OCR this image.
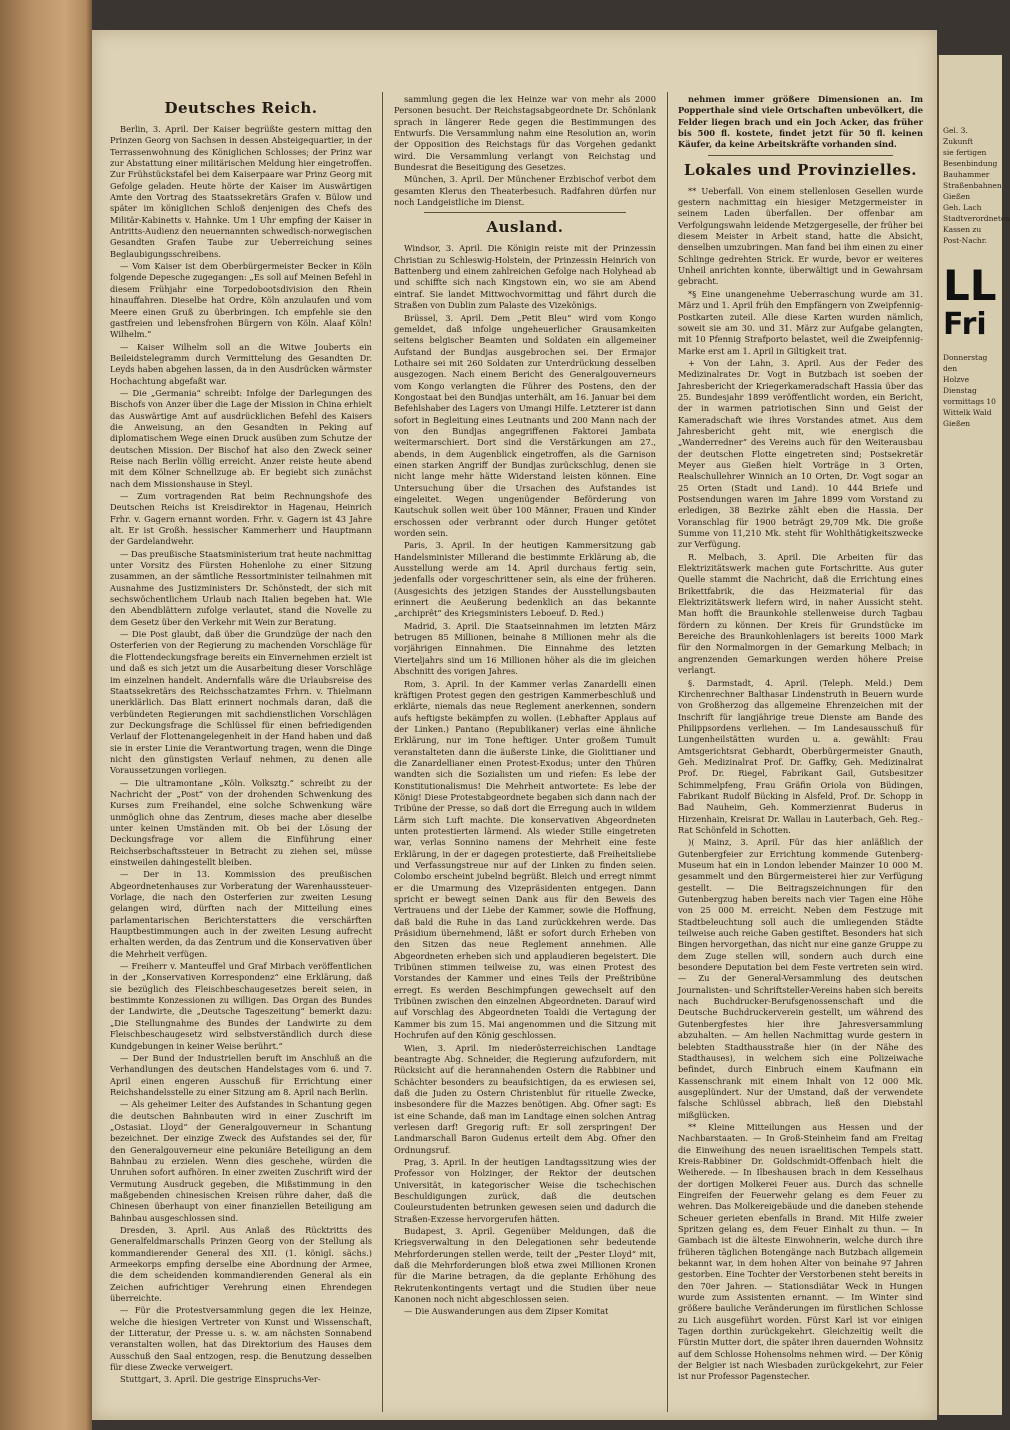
Deutsches Reich.

Berlin, 3. April. Der Kaiser begrüßte gestern mittag den Prinzen Georg von Sachsen in dessen Absteigequartier, in der Terrassenwohnung des Königlichen Schlosses; der Prinz war zur Abstattung einer militärischen Meldung hier eingetroffen. Zur Frühstückstafel bei dem Kaiserpaare war Prinz Georg mit Gefolge geladen. Heute hörte der Kaiser im Auswärtigen Amte den Vortrag des Staatssekretärs Grafen v. Bülow und später im königlichen Schloß denjenigen des Chefs des Militär-Kabinetts v. Hahnke. Um 1 Uhr empfing der Kaiser in Antritts-Audienz den neuernannten schwedisch-norwegischen Gesandten Grafen Taube zur Ueberreichung seines Beglaubigungsschreibens.

— Vom Kaiser ist dem Oberbürgermeister Becker in Köln folgende Depesche zugegangen: „Es soll auf Meinen Befehl in diesem Frühjahr eine Torpedobootsdivision den Rhein hinauffahren. Dieselbe hat Ordre, Köln anzulaufen und vom Meere einen Gruß zu überbringen. Ich empfehle sie den gastfreien und lebensfrohen Bürgern von Köln. Alaaf Köln! Wilhelm.“

— Kaiser Wilhelm soll an die Witwe Jouberts ein Beileidstelegramm durch Vermittelung des Gesandten Dr. Leyds haben abgehen lassen, da in den Ausdrücken wärmster Hochachtung abgefaßt war.

— Die „Germania“ schreibt: Infolge der Darlegungen des Bischofs von Anzer über die Lage der Mission in China erhielt das Auswärtige Amt auf ausdrücklichen Befehl des Kaisers die Anweisung, an den Gesandten in Peking auf diplomatischem Wege einen Druck ausüben zum Schutze der deutschen Mission. Der Bischof hat also den Zweck seiner Reise nach Berlin völlig erreicht. Anzer reiste heute abend mit dem Kölner Schnellzuge ab. Er begiebt sich zunächst nach dem Missionshause in Steyl.

— Zum vortragenden Rat beim Rechnungshofe des Deutschen Reichs ist Kreisdirektor in Hagenau, Heinrich Frhr. v. Gagern ernannt worden. Frhr. v. Gagern ist 43 Jahre alt. Er ist Großh. hessischer Kammerherr und Hauptmann der Gardelandwehr.

— Das preußische Staatsministerium trat heute nachmittag unter Vorsitz des Fürsten Hohenlohe zu einer Sitzung zusammen, an der sämtliche Ressortminister teilnahmen mit Ausnahme des Justizministers Dr. Schönstedt, der sich mit sechswöchentlichem Urlaub nach Italien begeben hat. Wie den Abendblättern zufolge verlautet, stand die Novelle zu dem Gesetz über den Verkehr mit Wein zur Beratung.

— Die Post glaubt, daß über die Grundzüge der nach den Osterferien von der Regierung zu machenden Vorschläge für die Flottendeckungsfrage bereits ein Einvernehmen erzielt ist und daß es sich jetzt um die Ausarbeitung dieser Vorschläge im einzelnen handelt. Andernfalls wäre die Urlaubsreise des Staatssekretärs des Reichsschatzamtes Frhrn. v. Thielmann unerklärlich. Das Blatt erinnert nochmals daran, daß die verbündeten Regierungen mit sachdienstlichen Vorschlägen zur Deckungsfrage die Schlüssel für einen befriedigenden Verlauf der Flottenangelegenheit in der Hand haben und daß sie in erster Linie die Verantwortung tragen, wenn die Dinge nicht den günstigsten Verlauf nehmen, zu denen alle Voraussetzungen vorliegen.

— Die ultramontane „Köln. Volksztg.“ schreibt zu der Nachricht der „Post“ von der drohenden Schwenkung des Kurses zum Freihandel, eine solche Schwenkung wäre unmöglich ohne das Zentrum, dieses mache aber dieselbe unter keinen Umständen mit. Ob bei der Lösung der Deckungsfrage vor allem die Einführung einer Reichserbschaftssteuer in Betracht zu ziehen sei, müsse einstweilen dahingestellt bleiben.

— Der in 13. Kommission des preußischen Abgeordnetenhauses zur Vorberatung der Warenhaussteuer-Vorlage, die nach den Osterferien zur zweiten Lesung gelangen wird, dürften nach der Mitteilung eines parlamentarischen Berichterstatters die verschärften Hauptbestimmungen auch in der zweiten Lesung aufrecht erhalten werden, da das Zentrum und die Konservativen über die Mehrheit verfügen.

— Freiherr v. Manteuffel und Graf Mirbach veröffentlichen in der „Konservativen Korrespondenz“ eine Erklärung, daß sie bezüglich des Fleischbeschaugesetzes bereit seien, in bestimmte Konzessionen zu willigen. Das Organ des Bundes der Landwirte, die „Deutsche Tageszeitung“ bemerkt dazu: „Die Stellungnahme des Bundes der Landwirte zu dem Fleischbeschaugesetz wird selbstverständlich durch diese Kundgebungen in keiner Weise berührt.“

— Der Bund der Industriellen beruft im Anschluß an die Verhandlungen des deutschen Handelstages vom 6. und 7. April einen engeren Ausschuß für Errichtung einer Reichshandelsstelle zu einer Sitzung am 8. April nach Berlin.

— Als geheimer Leiter des Aufstandes in Schantung gegen die deutschen Bahnbauten wird in einer Zuschrift im „Ostasiat. Lloyd“ der Generalgouverneur in Schantung bezeichnet. Der einzige Zweck des Aufstandes sei der, für den Generalgouverneur eine pekuniäre Beteiligung an dem Bahnbau zu erzielen. Wenn dies geschehe, würden die Unruhen sofort aufhören. In einer zweiten Zuschrift wird der Vermutung Ausdruck gegeben, die Mißstimmung in den maßgebenden chinesischen Kreisen rühre daher, daß die Chinesen überhaupt von einer finanziellen Beteiligung am Bahnbau ausgeschlossen sind.

Dresden, 3. April. Aus Anlaß des Rücktritts des Generalfeldmarschalls Prinzen Georg von der Stellung als kommandierender General des XII. (1. königl. sächs.) Armeekorps empfing derselbe eine Abordnung der Armee, die dem scheidenden kommandierenden General als ein Zeichen aufrichtiger Verehrung einen Ehrendegen überreichte.

— Für die Protestversammlung gegen die lex Heinze, welche die hiesigen Vertreter von Kunst und Wissenschaft, der Litteratur, der Presse u. s. w. am nächsten Sonnabend veranstalten wollen, hat das Direktorium des Hauses dem Ausschuß den Saal entzogen, resp. die Benutzung desselben für diese Zwecke verweigert.

Stuttgart, 3. April. Die gestrige Einspruchs-Ver-

sammlung gegen die lex Heinze war von mehr als 2000 Personen besucht. Der Reichstagsabgeordnete Dr. Schönlank sprach in längerer Rede gegen die Bestimmungen des Entwurfs. Die Versammlung nahm eine Resolution an, worin der Opposition des Reichstags für das Vorgehen gedankt wird. Die Versammlung verlangt von Reichstag und Bundesrat die Beseitigung des Gesetzes.

München, 3. April. Der Münchener Erzbischof verbot dem gesamten Klerus den Theaterbesuch. Radfahren dürfen nur noch Landgeistliche im Dienst.

Ausland.

Windsor, 3. April. Die Königin reiste mit der Prinzessin Christian zu Schleswig-Holstein, der Prinzessin Heinrich von Battenberg und einem zahlreichen Gefolge nach Holyhead ab und schiffte sich nach Kingstown ein, wo sie am Abend eintraf. Sie landet Mittwochvormittag und fährt durch die Straßen von Dublin zum Palaste des Vizekönigs.

Brüssel, 3. April. Dem „Petit Bleu“ wird vom Kongo gemeldet, daß infolge ungeheuerlicher Grausamkeiten seitens belgischer Beamten und Soldaten ein allgemeiner Aufstand der Bundjas ausgebrochen sei. Der Ermajor Lothaire sei mit 260 Soldaten zur Unterdrückung desselben ausgezogen. Nach einem Bericht des Generalgouverneurs vom Kongo verlangten die Führer des Postens, den der Kongostaat bei den Bundjas unterhält, am 16. Januar bei dem Befehlshaber des Lagers von Umangi Hilfe. Letzterer ist dann sofort in Begleitung eines Leutnants und 200 Mann nach der von den Bundjas angegriffenen Faktorei Jambata weitermarschiert. Dort sind die Verstärkungen am 27., abends, in dem Augenblick eingetroffen, als die Garnison einen starken Angriff der Bundjas zurückschlug, denen sie nicht lange mehr hätte Widerstand leisten können. Eine Untersuchung über die Ursachen des Aufstandes ist eingeleitet. Wegen ungenügender Beförderung von Kautschuk sollen weit über 100 Männer, Frauen und Kinder erschossen oder verbrannt oder durch Hunger getötet worden sein.

Paris, 3. April. In der heutigen Kammersitzung gab Handelsminister Millerand die bestimmte Erklärung ab, die Ausstellung werde am 14. April durchaus fertig sein, jedenfalls oder vorgeschrittener sein, als eine der früheren. (Ausgesichts des jetzigen Standes der Ausstellungsbauten erinnert die Aeußerung bedenklich an das bekannte „archiprêt“ des Kriegsministers Leboeuf. D. Red.)

Madrid, 3. April. Die Staatseinnahmen im letzten März betrugen 85 Millionen, beinahe 8 Millionen mehr als die vorjährigen Einnahmen. Die Einnahme des letzten Vierteljahrs sind um 16 Millionen höher als die im gleichen Abschnitt des vorigen Jahres.

Rom, 3. April. In der Kammer verlas Zanardelli einen kräftigen Protest gegen den gestrigen Kammerbeschluß und erklärte, niemals das neue Reglement anerkennen, sondern aufs heftigste bekämpfen zu wollen. (Lebhafter Applaus auf der Linken.) Pantano (Republikaner) verlas eine ähnliche Erklärung, nur im Tone heftiger. Unter großem Tumult veranstalteten dann die äußerste Linke, die Giolittianer und die Zanardellianer einen Protest-Exodus; unter den Thüren wandten sich die Sozialisten um und riefen: Es lebe der Konstitutionalismus! Die Mehrheit antwortete: Es lebe der König! Diese Protestabgeordnete begaben sich dann nach der Tribüne der Presse, so daß dort die Erregung auch in wildem Lärm sich Luft machte. Die konservativen Abgeordneten unten protestierten lärmend. Als wieder Stille eingetreten war, verlas Sonnino namens der Mehrheit eine feste Erklärung, in der er dagegen protestierte, daß Freiheitsliebe und Verfassungstreue nur auf der Linken zu finden seien. Colombo erscheint jubelnd begrüßt. Bleich und erregt nimmt er die Umarmung des Vizepräsidenten entgegen. Dann spricht er bewegt seinen Dank aus für den Beweis des Vertrauens und der Liebe der Kammer, sowie die Hoffnung, daß bald die Ruhe in das Land zurückkehren werde. Das Präsidium übernehmend, läßt er sofort durch Erheben von den Sitzen das neue Reglement annehmen. Alle Abgeordneten erheben sich und applaudieren begeistert. Die Tribünen stimmen teilweise zu, was einen Protest des Vorstandes der Kammer und eines Teils der Preßtribüne erregt. Es werden Beschimpfungen gewechselt auf den Tribünen zwischen den einzelnen Abgeordneten. Darauf wird auf Vorschlag des Abgeordneten Toaldi die Vertagung der Kammer bis zum 15. Mai angenommen und die Sitzung mit Hochrufen auf den König geschlossen.

Wien, 3. April. Im niederösterreichischen Landtage beantragte Abg. Schneider, die Regierung aufzufordern, mit Rücksicht auf die herannahenden Ostern die Rabbiner und Schächter besonders zu beaufsichtigen, da es erwiesen sei, daß die Juden zu Ostern Christenblut für rituelle Zwecke, insbesondere für die Mazzes benötigen. Abg. Ofner sagt: Es ist eine Schande, daß man im Landtage einen solchen Antrag verlesen darf! Gregorig ruft: Er soll zerspringen! Der Landmarschall Baron Gudenus erteilt dem Abg. Ofner den Ordnungsruf.

Prag, 3. April. In der heutigen Landtagssitzung wies der Professor von Holzinger, der Rektor der deutschen Universität, in kategorischer Weise die tschechischen Beschuldigungen zurück, daß die deutschen Couleurstudenten betrunken gewesen seien und dadurch die Straßen-Exzesse hervorgerufen hätten.

Budapest, 3. April. Gegenüber Meldungen, daß die Kriegsverwaltung in den Delegationen sehr bedeutende Mehrforderungen stellen werde, teilt der „Pester Lloyd“ mit, daß die Mehrforderungen bloß etwa zwei Millionen Kronen für die Marine betragen, da die geplante Erhöhung des Rekrutenkontingents vertagt und die Studien über neue Kanonen noch nicht abgeschlossen seien.

— Die Auswanderungen aus dem Zipser Komitat

nehmen immer größere Dimensionen an. Im Popperthale sind viele Ortschaften unbevölkert, die Felder liegen brach und ein Joch Acker, das früher bis 500 fl. kostete, findet jetzt für 50 fl. keinen Käufer, da keine Arbeitskräfte vorhanden sind.

Lokales und Provinzielles.

** Ueberfall. Von einem stellenlosen Gesellen wurde gestern nachmittag ein hiesiger Metzgermeister in seinem Laden überfallen. Der offenbar am Verfolgungswahn leidende Metzgergeselle, der früher bei diesem Meister in Arbeit stand, hatte die Absicht, denselben umzubringen. Man fand bei ihm einen zu einer Schlinge gedrehten Strick. Er wurde, bevor er weiteres Unheil anrichten konnte, überwältigt und in Gewahrsam gebracht.

*§ Eine unangenehme Ueberraschung wurde am 31. März und 1. April früh den Empfängern von Zweipfennig-Postkarten zuteil. Alle diese Karten wurden nämlich, soweit sie am 30. und 31. März zur Aufgabe gelangten, mit 10 Pfennig Strafporto belastet, weil die Zweipfennig-Marke erst am 1. April in Giltigkeit trat.

+ Von der Lahn, 3. April. Aus der Feder des Medizinalrates Dr. Vogt in Butzbach ist soeben der Jahresbericht der Kriegerkameradschaft Hassia über das 25. Bundesjahr 1899 veröffentlicht worden, ein Bericht, der in warmen patriotischen Sinn und Geist der Kameradschaft wie ihres Vorstandes atmet. Aus dem Jahresbericht geht mit, wie energisch die „Wanderredner“ des Vereins auch für den Weiterausbau der deutschen Flotte eingetreten sind; Postsekretär Meyer aus Gießen hielt Vorträge in 3 Orten, Realschullehrer Winnich an 10 Orten, Dr. Vogt sogar an 25 Orten (Stadt und Land). 10 444 Briefe und Postsendungen waren im Jahre 1899 vom Vorstand zu erledigen, 38 Bezirke zählt eben die Hassia. Der Voranschlag für 1900 beträgt 29,709 Mk. Die große Summe von 11,210 Mk. steht für Wohlthätigkeitszwecke zur Verfügung.

R. Melbach, 3. April. Die Arbeiten für das Elektrizitätswerk machen gute Fortschritte. Aus guter Quelle stammt die Nachricht, daß die Errichtung eines Brikettfabrik, die das Heizmaterial für das Elektrizitätswerk liefern wird, in naher Aussicht steht. Man hofft die Braunkohle stellenweise durch Tagbau fördern zu können. Der Kreis für Grundstücke im Bereiche des Braunkohlenlagers ist bereits 1000 Mark für den Normalmorgen in der Gemarkung Melbach; in angrenzenden Gemarkungen werden höhere Preise verlangt.

§. Darmstadt, 4. April. (Teleph. Meld.) Dem Kirchenrechner Balthasar Lindenstruth in Beuern wurde von Großherzog das allgemeine Ehrenzeichen mit der Inschrift für langjährige treue Dienste am Bande des Philippsordens verliehen. — Im Landesausschuß für Lungenheilstätten wurden u. a. gewählt: Frau Amtsgerichtsrat Gebhardt, Oberbürgermeister Gnauth, Geh. Medizinalrat Prof. Dr. Gaffky, Geh. Medizinalrat Prof. Dr. Riegel, Fabrikant Gail, Gutsbesitzer Schimmelpfeng, Frau Gräfin Oriola von Büdingen, Fabrikant Rudolf Bücking in Alsfeld, Prof. Dr. Schopp in Bad Nauheim, Geh. Kommerzienrat Buderus in Hirzenhain, Kreisrat Dr. Wallau in Lauterbach, Geh. Reg.-Rat Schönfeld in Schotten.

)( Mainz, 3. April. Für das hier anläßlich der Gutenbergfeier zur Errichtung kommende Gutenberg-Museum hat ein in London lebender Mainzer 10 000 M. gesammelt und den Bürgermeisterei hier zur Verfügung gestellt. — Die Beitragszeichnungen für den Gutenbergzug haben bereits nach vier Tagen eine Höhe von 25 000 M. erreicht. Neben dem Festzuge mit Stadtbeleuchtung soll auch die umliegenden Städte teilweise auch reiche Gaben gestiftet. Besonders hat sich Bingen hervorgethan, das nicht nur eine ganze Gruppe zu dem Zuge stellen will, sondern auch durch eine besondere Deputation bei dem Feste vertreten sein wird. — Zu der General-Versammlung des deutschen Journalisten- und Schriftsteller-Vereins haben sich bereits nach Buchdrucker-Berufsgenossenschaft und die Deutsche Buchdruckerverein gestellt, um während des Gutenbergfestes hier ihre Jahresversammlung abzuhalten. — Am hellen Nachmittag wurde gestern in belebten Stadthausstraße hier (in der Nähe des Stadthauses), in welchem sich eine Polizeiwache befindet, durch Einbruch einem Kaufmann ein Kassenschrank mit einem Inhalt von 12 000 Mk. ausgeplündert. Nur der Umstand, daß der verwendete falsche Schlüssel abbrach, ließ den Diebstahl mißglücken.

** Kleine Mitteilungen aus Hessen und der Nachbarstaaten. — In Groß-Steinheim fand am Freitag die Einweihung des neuen israelitischen Tempels statt. Kreis-Rabbiner Dr. Goldschmidt-Offenbach hielt die Weiherede. — In Ilbeshausen brach in dem Kesselhaus der dortigen Molkerei Feuer aus. Durch das schnelle Eingreifen der Feuerwehr gelang es dem Feuer zu wehren. Das Molkereigebäude und die daneben stehende Scheuer gerieten ebenfalls in Brand. Mit Hilfe zweier Spritzen gelang es, dem Feuer Einhalt zu thun. — In Gambach ist die älteste Einwohnerin, welche durch ihre früheren täglichen Botengänge nach Butzbach allgemein bekannt war, in dem hohen Alter von beinahe 97 Jahren gestorben. Eine Tochter der Verstorbenen steht bereits in den 70er Jahren. — Stationsdiätar Weck in Hungen wurde zum Assistenten ernannt. — Im Winter sind größere bauliche Veränderungen im fürstlichen Schlosse zu Lich ausgeführt worden. Fürst Karl ist vor einigen Tagen dorthin zurückgekehrt. Gleichzeitig weilt die Fürstin Mutter dort, die später ihren dauernden Wohnsitz auf dem Schlosse Hohensolms nehmen wird. — Der König der Belgier ist nach Wiesbaden zurückgekehrt, zur Feier ist nur Professor Pagenstecher.

Gel. 3.
Zukunft
sie fertigen
Besenbindung
Bauhammer
Straßenbahnen
Gießen
Geh. Lach
Stadtverordneten
Kassen zu
Post-Nachr.
LL
Fri
Donnerstag den
Holzve
Dienstag
vormittags 10
Wittelk Wald
Gießen
